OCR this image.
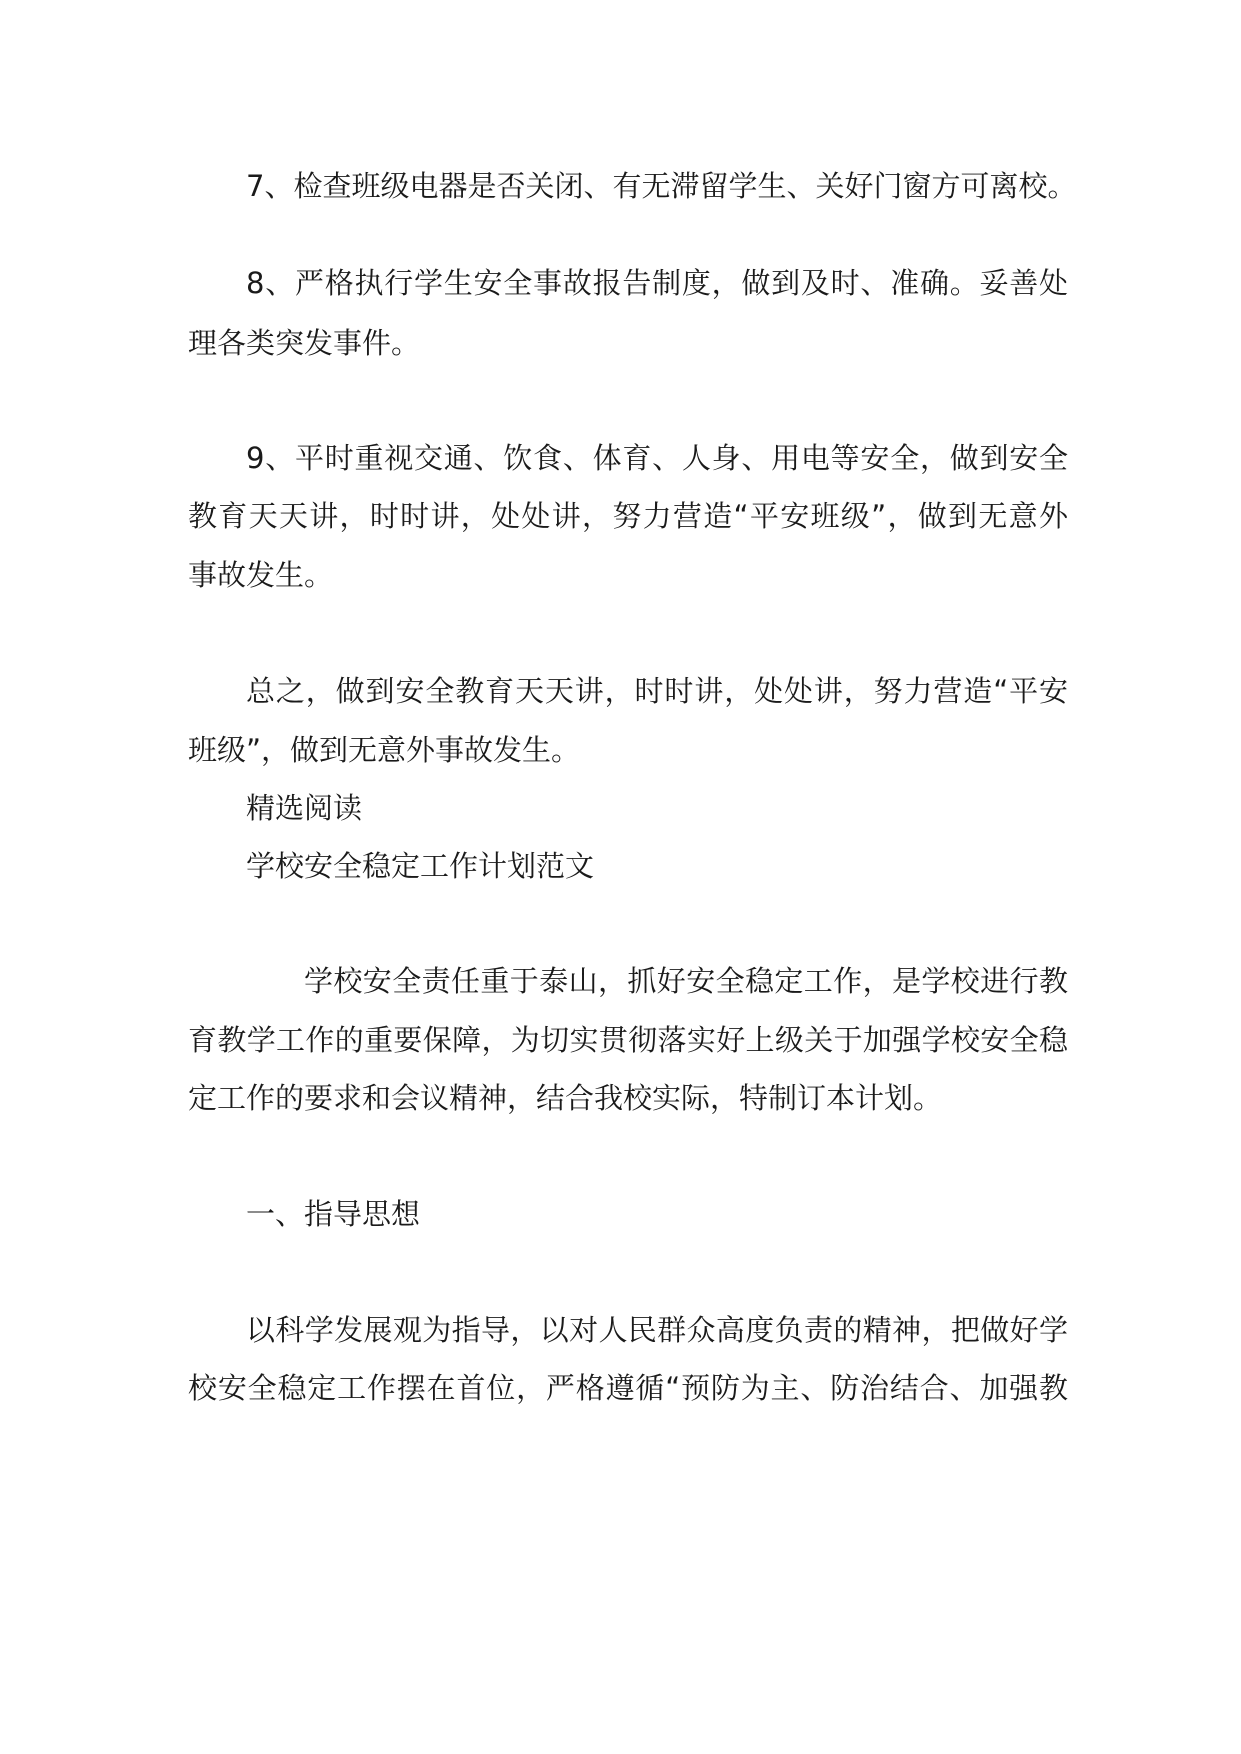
7、检查班级电器是否关闭、有无滞留学生、关好门窗方可离校。
8、严格执行学生安全事故报告制度，做到及时、准确。妥善处
理各类突发事件。
9、平时重视交通、饮食、体育、人身、用电等安全，做到安全
教育天天讲，时时讲，处处讲，努力营造“平安班级”，做到无意外
事故发生。
总之，做到安全教育天天讲，时时讲，处处讲，努力营造“平安
班级”，做到无意外事故发生。
精选阅读
学校安全稳定工作计划范文
学校安全责任重于泰山，抓好安全稳定工作，是学校进行教
育教学工作的重要保障，为切实贯彻落实好上级关于加强学校安全稳
定工作的要求和会议精神，结合我校实际，特制订本计划。
一、指导思想
以科学发展观为指导，以对人民群众高度负责的精神，把做好学
校安全稳定工作摆在首位，严格遵循“预防为主、防治结合、加强教
